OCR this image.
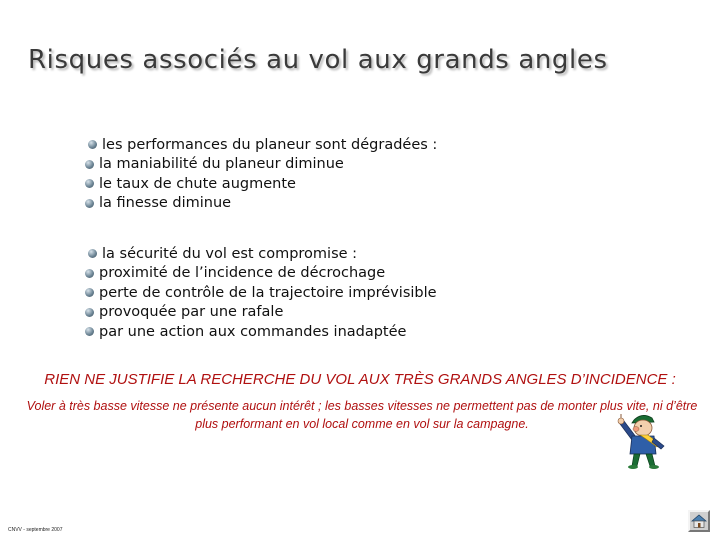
Risques associés au vol aux grands angles
les performances du planeur sont dégradées :
la maniabilité du planeur diminue
le taux de chute augmente
la finesse diminue
la sécurité du vol est compromise :
proximité de l’incidence de décrochage
perte de contrôle de la trajectoire imprévisible
provoquée par une rafale
par une action aux commandes inadaptée
RIEN NE JUSTIFIE LA RECHERCHE DU VOL AUX TRÈS GRANDS ANGLES D’INCIDENCE :
Voler à très basse vitesse ne présente aucun intérêt ; les basses vitesses ne permettent pas de monter plus vite, ni d’être plus performant en vol local comme en vol sur la campagne.
CNVV - septembre 2007
